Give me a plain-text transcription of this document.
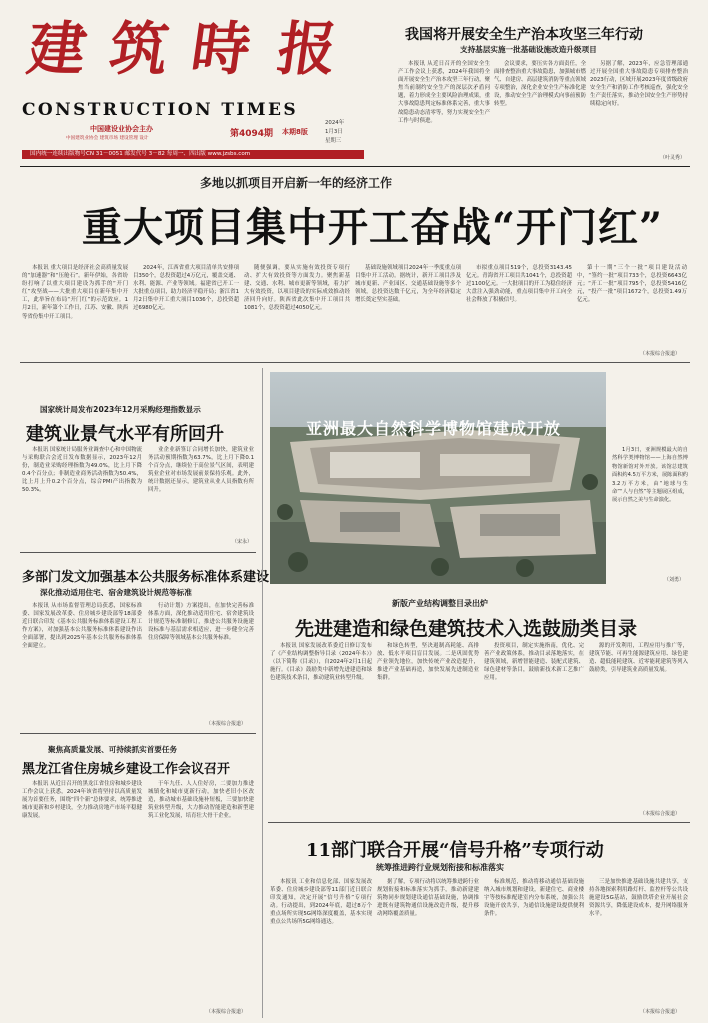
建 筑 時 报
CONSTRUCTION TIMES
中国建设业协会主办
中国建筑业协会 建筑市场 建设管理 设计	第4094期 本期8版
2024年
1月3日
星期三
国内统一连续出版物号CN 31－0051 邮发代号 3－82 每周一、四出版 www.jzsbs.com
我国将开展安全生产治本攻坚三年行动
支持基层实施一批基础设施改造升级项目

本报讯 从近日召开的全国安全生产工作会议上获悉，2024年我国将全面开展安全生产治本攻坚三年行动，聚焦当前制约安全生产的深层次矛盾问题，着力形成全主要风险治理成果，重大事故隐患判定标准体系完善，重大事故隐患动态清零等，努力实现安全生产工作与时俱进。

会议要求，要压实各方面责任，全面排查整治重大事故隐患，加强城市燃气、自建房、高层建筑消防等重点领域专项整治，深化企业安全生产标准化建设，推动安全生产治理模式向事前预防转型。

另据了解，2023年，应急管理部通过开展全国重大事故隐患专项排查整治2023行动，区域开展2023年度省级政府安全生产和消防工作考核巡查，强化安全生产责任落实，推动全国安全生产形势持续稳定向好。

（叶灵秀）
多地以抓项目开启新一年的经济工作
重大项目集中开工奋战“开门红”

本报讯 重大项目是经济社会高质量发展的“加速器”和“压舱石”。新年伊始，各省纷纷打响了以重大项目建设为抓手的“开门红”攻坚战——大批重大项目在新年集中开工，此举旨在布局“开门红”的示范效应。1月2日，新年第个工作日，江苏、安徽、陕西等省份集中开工项目。

2024年，江西省重大项目清单共安排项目350个，总投资超过4万亿元，覆盖交通、水利、能源、产业等领域。福建省已开工一大批重点项目，助力经济平稳开局；浙江省1月2日集中开工重大项目1036个，总投资超过6980亿元。

随便强调，要从实施有效投资专项行动、扩大有效投资等方面发力。聚焦新基建、交通、水利、城市更新等领域，着力扩大有效投资，以项目建设的实际成效推动经济回升向好。陕西省此次集中开工项目共1081个，总投资超过4050亿元。

基础设施领域项目2024年一季度重点项目集中开工活动。据统计，新开工项目涉及城市更新、产业园区、交通基础设施等多个领域，总投资达数千亿元，为全年经济稳定增长奠定坚实基础。

市拟重点项目519个，总投资3143.45亿元。青海省开工项目共1041个，总投资超过1100亿元。一大批项目的开工为稳住经济大盘注入强劲动能，重点项目集中开工向全社会释放了积极信号。

第十一期“三个一批”项目建设活动中，“签约一批”项目733个，总投资6643亿元；“开工一批”项目795个，总投资5416亿元，“投产一批”项目1672个，总投资1.49万亿元。

（本报综合报道）
国家统计局发布2023年12月采购经理指数显示
建筑业景气水平有所回升

本报讯 国家统计局服务业调查中心和中国物流与采购联合会近日发布数据显示，2023年12月份，制造业采购经理指数为49.0%，比上月下降0.4个百分点；非制造业商务活动指数为50.4%，比上月上升0.2个百分点，综合PMI产出指数为50.3%。

业企业新签订合同增长加快，建筑业业务活动预期指数为63.7%，比上月下降0.1个百分点，继续位于高位景气区间，表明建筑业企业对市场发展前景保持乐观。此外，统计数据还显示，建筑业从业人员指数有所回升。

（宋永）
多部门发文加强基本公共服务标准体系建设
深化推动适用住宅、宿舍建筑设计规范等标准

本报讯 从市场监督管理总局获悉，国家标准委、国家发展改革委、住房城乡建设部等18部委近日联合印发《基本公共服务标准体系建设工程工作方案》，对加强基本公共服务标准体系建设作出全面部署，提出到2025年基本公共服务标准体系全面建立。

行动计划》方案提出，在加快完善标准体系方面，深化推动适用住宅、宿舍建筑设计规范等标准制修订，推进公共服务设施建设标准与基层需求相适应，进一步健全完善住房保障等领域基本公共服务标准。

（本报综合报道）
聚焦高质量发展、可持续抓实首要任务
黑龙江省住房城乡建设工作会议召开

本报讯 从近日召开的黑龙江省住房和城乡建设工作会议上获悉，2024年该省将坚持以高质量发展为首要任务，围绕“四个新”总体要求，统筹推进城市更新和乡村建设，全力推动房地产市场平稳健康发展。

于年九任、人人住好房，二要加力推进城镇化和城市更新行动，加快老旧小区改造，推动城市基础设施补短板，三要加快建筑业转型升级，大力推动智能建造和新型建筑工业化发展，培育壮大骨干企业。

（本报综合报道）
亚洲最大自然科学博物馆建成开放

1月3日，亚洲规模最大的自然科学类博物馆——上海自然博物馆新馆对外开放。该馆总建筑面积约4.5万平方米，展陈面积约3.2万平方米，由“地球与生命”“人与自然”等主题展区组成，展示自然之美与生命演化。

（刘勇）
新版产业结构调整目录出炉
先进建造和绿色建筑技术入选鼓励类目录

本报讯 国家发展改革委近日修订发布了《产业结构调整指导目录（2024年本）》（以下简称《目录》），自2024年2月1日起施行。《目录》鼓励类中新增先进建造和绿色建筑技术条目，推动建筑业转型升级。

和绿色转型，坚决遏制高耗能、高排放、低水平项目盲目发展。二是巩固优势产业领先地位，加快传统产业改造提升，推进产业基础再造，加快发展先进制造业集群。

投资项目，制定实施指南，优化、完善产业政策体系，推动目录落地落实，在建筑领域，新增智能建造、装配式建筑、绿色建材等条目，鼓励新技术新工艺推广应用。

源的开发利用，工程应用与推广等，建筑节能、可再生能源建筑应用、绿色建造、超低能耗建筑、近零能耗建筑等列入鼓励类，引导建筑业高质量发展。

（本报综合报道）
11部门联合开展“信号升格”专项行动
统筹推进跨行业规划衔接和标准落实

本报讯 工业和信息化部、国家发展改革委、住房城乡建设部等11部门近日联合印发通知，决定开展“信号升格”专项行动。行动提出，到2024年底，超过8万个重点场所实现5G网络深度覆盖，基本实现重点公共场所5G网络通达。

据了解，专项行动将以统筹推进跨行业规划衔接和标准落实为抓手，推动新建建筑物同步规划建设通信基础设施，协调推进既有建筑物通信设施改造升级，提升移动网络覆盖质量。

标准规范，推动将移动通信基础设施纳入城市规划和建设，新建住宅、商业楼宇等按标准配建室内分布系统，加强公共设施开放共享，为通信设施建设提供便利条件。

三是加快推进基础设施共建共享，支持各地探索利用路灯杆、监控杆等公共设施建设5G基站，鼓励铁塔企业开展社会资源共享，降低建设成本，提升网络服务水平。

（本报综合报道）
